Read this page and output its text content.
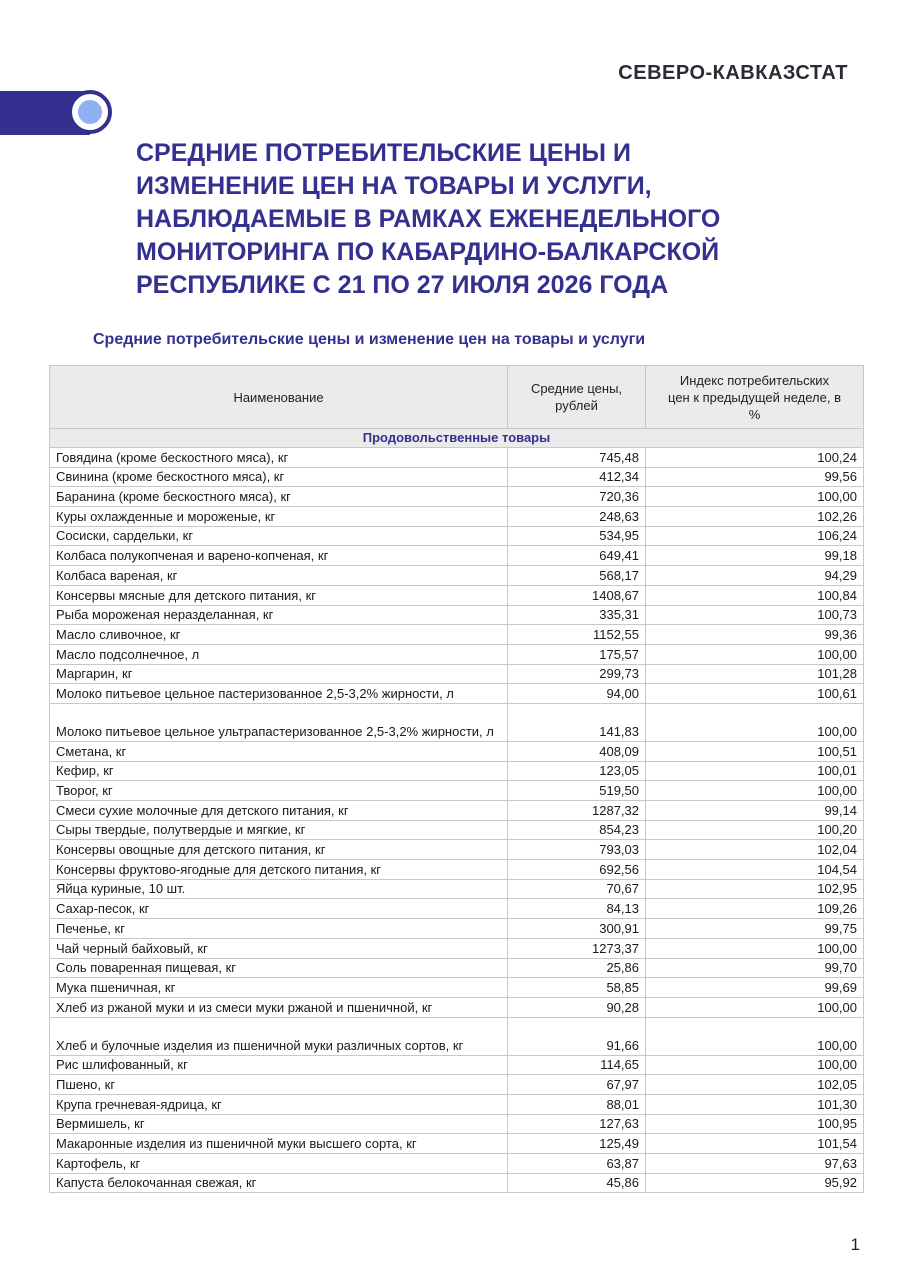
СЕВЕРО-КАВКАЗСТАТ
СРЕДНИЕ ПОТРЕБИТЕЛЬСКИЕ ЦЕНЫ И ИЗМЕНЕНИЕ ЦЕН НА ТОВАРЫ И УСЛУГИ, НАБЛЮДАЕМЫЕ В РАМКАХ ЕЖЕНЕДЕЛЬНОГО МОНИТОРИНГА ПО КАБАРДИНО-БАЛКАРСКОЙ РЕСПУБЛИКЕ С 21 ПО 27 ИЮЛЯ 2026 ГОДА
Средние потребительские цены и изменение цен на товары и услуги
Наименование	Средние цены, рублей	Индекс потребительских цен к предыдущей неделе, в %
Продовольственные товары		
Говядина (кроме бескостного мяса), кг	745,48	100,24
Свинина (кроме бескостного мяса), кг	412,34	99,56
Баранина (кроме бескостного мяса), кг	720,36	100,00
Куры охлажденные и мороженые, кг	248,63	102,26
Сосиски, сардельки, кг	534,95	106,24
Колбаса полукопченая и варено-копченая, кг	649,41	99,18
Колбаса вареная, кг	568,17	94,29
Консервы мясные для детского питания, кг	1408,67	100,84
Рыба мороженая неразделанная, кг	335,31	100,73
Масло сливочное, кг	1152,55	99,36
Масло подсолнечное, л	175,57	100,00
Маргарин, кг	299,73	101,28
Молоко питьевое цельное пастеризованное 2,5-3,2% жирности, л	94,00	100,61
Молоко питьевое цельное ультрапастеризованное 2,5-3,2% жирности, л	141,83	100,00
Сметана, кг	408,09	100,51
Кефир, кг	123,05	100,01
Творог, кг	519,50	100,00
Смеси сухие молочные для детского питания, кг	1287,32	99,14
Сыры твердые, полутвердые и мягкие, кг	854,23	100,20
Консервы овощные для детского питания, кг	793,03	102,04
Консервы фруктово-ягодные для детского питания, кг	692,56	104,54
Яйца куриные, 10 шт.	70,67	102,95
Сахар-песок, кг	84,13	109,26
Печенье, кг	300,91	99,75
Чай черный байховый, кг	1273,37	100,00
Соль поваренная пищевая, кг	25,86	99,70
Мука пшеничная, кг	58,85	99,69
Хлеб из ржаной муки и из смеси муки ржаной и пшеничной, кг	90,28	100,00
Хлеб и булочные изделия из пшеничной муки различных сортов, кг	91,66	100,00
Рис шлифованный, кг	114,65	100,00
Пшено, кг	67,97	102,05
Крупа гречневая-ядрица, кг	88,01	101,30
Вермишель, кг	127,63	100,95
Макаронные изделия из пшеничной муки высшего сорта, кг	125,49	101,54
Картофель, кг	63,87	97,63
Капуста белокочанная свежая, кг	45,86	95,92
1
